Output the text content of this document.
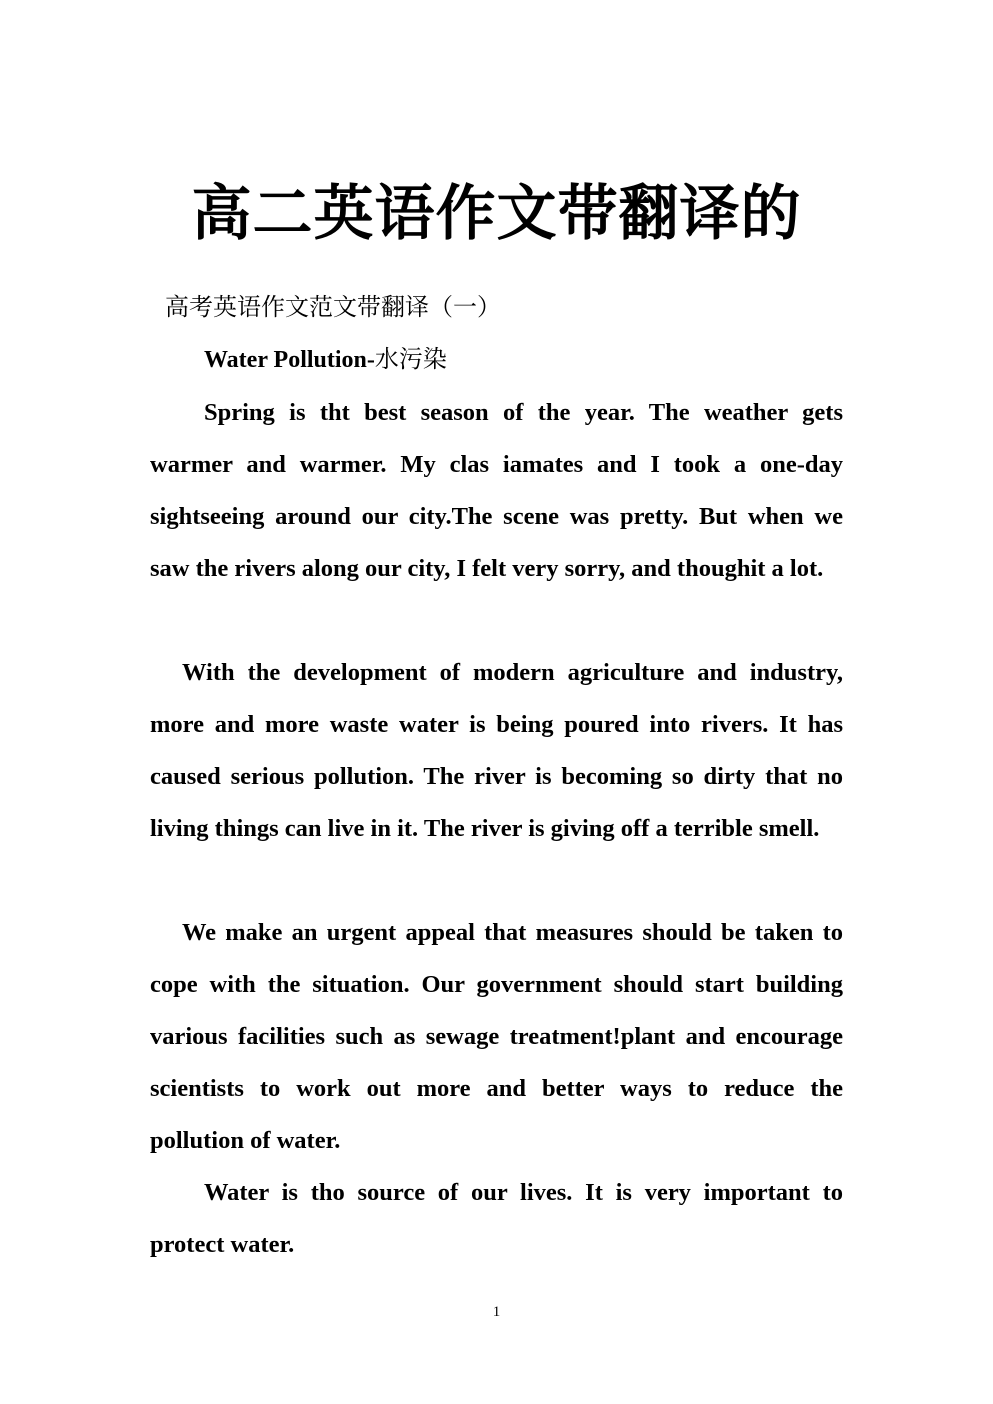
高二英语作文带翻译的
高考英语作文范文带翻译（一）
Water Pollution-水污染

Spring is tht best season of the year. The weather gets warmer and warmer. My clas iamates and I took a one-day sightseeing around our city.The scene was pretty. But when we saw the rivers along our city, I felt very sorry, and thoughit a lot.

With the development of modern agriculture and industry, more and more waste water is being poured into rivers. It has caused serious pollution. The river is becoming so dirty that no living things can live in it. The river is giving off a terrible smell.

We make an urgent appeal that measures should be taken to cope with the situation. Our government should start building various facilities such as sewage treatment!plant and encourage scientists to work out more and better ways to reduce the pollution of water.

Water is tho source of our lives. It is very important to protect water.

1
